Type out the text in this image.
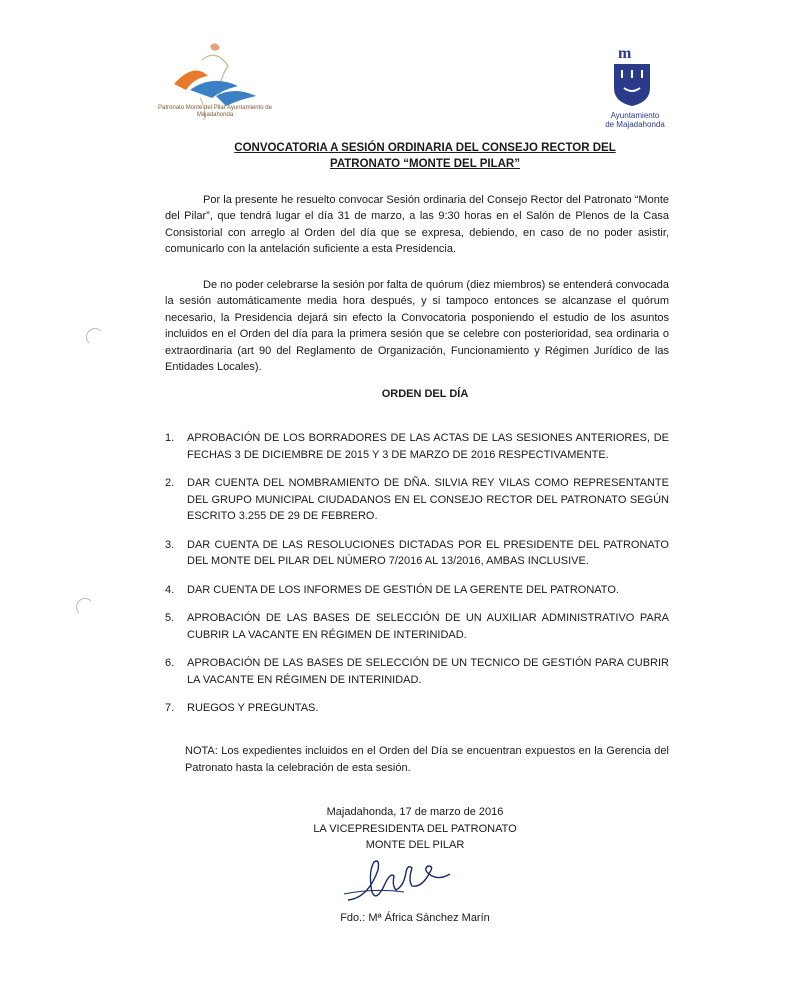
Patronato Monte del Pilar Ayuntamiento de Majadahonda
m
Ayuntamiento
de Majadahonda
CONVOCATORIA A SESIÓN ORDINARIA DEL CONSEJO RECTOR DEL
PATRONATO “MONTE DEL PILAR”

Por la presente he resuelto convocar Sesión ordinaria del Consejo Rector del Patronato “Monte del Pilar”, que tendrá lugar el día 31 de marzo, a las 9:30 horas en el Salón de Plenos de la Casa Consistorial con arreglo al Orden del día que se expresa, debiendo, en caso de no poder asistir, comunicarlo con la antelación suficiente a esta Presidencia.

De no poder celebrarse la sesión por falta de quórum (diez miembros) se entenderá convocada la sesión automáticamente media hora después, y si tampoco entonces se alcanzase el quórum necesario, la Presidencia dejará sin efecto la Convocatoria posponiendo el estudio de los asuntos incluidos en el Orden del día para la primera sesión que se celebre con posterioridad, sea ordinaria o extraordinaria (art 90 del Reglamento de Organización, Funcionamiento y Régimen Jurídico de las Entidades Locales).

ORDEN DEL DÍA
1. APROBACIÓN DE LOS BORRADORES DE LAS ACTAS DE LAS SESIONES ANTERIORES, DE FECHAS 3 DE DICIEMBRE DE 2015 Y 3 DE MARZO DE 2016 RESPECTIVAMENTE.
2. DAR CUENTA DEL NOMBRAMIENTO DE DÑA. SILVIA REY VILAS COMO REPRESENTANTE DEL GRUPO MUNICIPAL CIUDADANOS EN EL CONSEJO RECTOR DEL PATRONATO SEGÚN ESCRITO 3.255 DE 29 DE FEBRERO.
3. DAR CUENTA DE LAS RESOLUCIONES DICTADAS POR EL PRESIDENTE DEL PATRONATO DEL MONTE DEL PILAR DEL NÚMERO 7/2016 AL 13/2016, AMBAS INCLUSIVE.
4. DAR CUENTA DE LOS INFORMES DE GESTIÓN DE LA GERENTE DEL PATRONATO.
5. APROBACIÓN DE LAS BASES DE SELECCIÓN DE UN AUXILIAR ADMINISTRATIVO PARA CUBRIR LA VACANTE EN RÉGIMEN DE INTERINIDAD.
6. APROBACIÓN DE LAS BASES DE SELECCIÓN DE UN TECNICO DE GESTIÓN PARA CUBRIR LA VACANTE EN RÉGIMEN DE INTERINIDAD.
7. RUEGOS Y PREGUNTAS.

NOTA: Los expedientes incluidos en el Orden del Día se encuentran expuestos en la Gerencia del Patronato hasta la celebración de esta sesión.

Majadahonda, 17 de marzo de 2016
LA VICEPRESIDENTA DEL PATRONATO
MONTE DEL PILAR
Fdo.: Mª África Sánchez Marín
